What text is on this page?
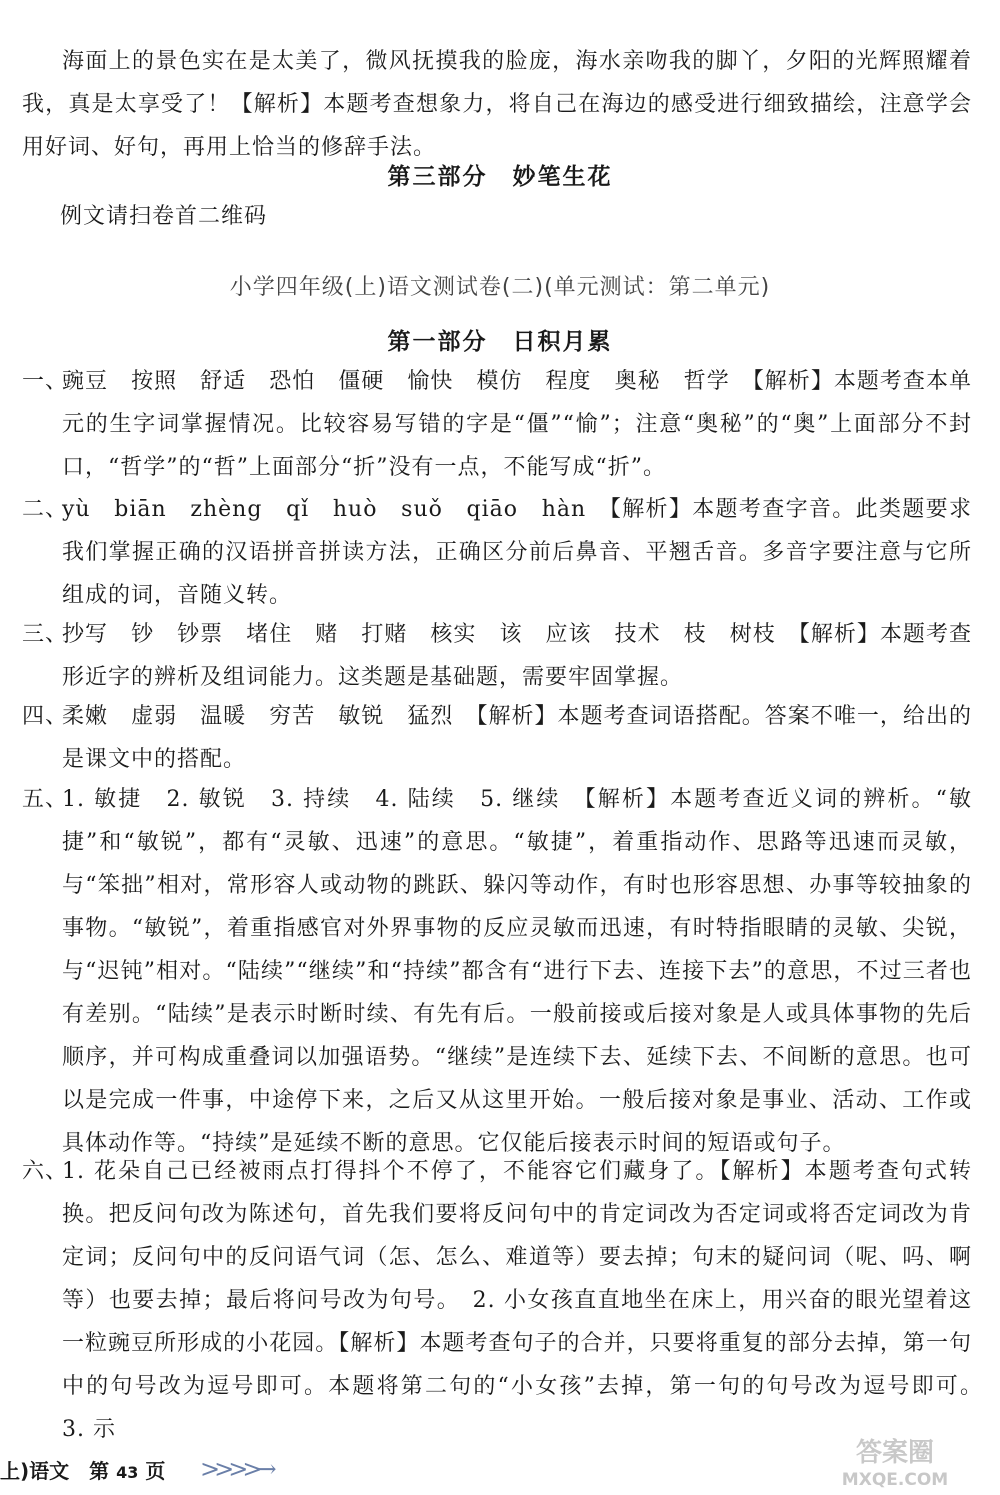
海面上的景色实在是太美了，微风抚摸我的脸庞，海水亲吻我的脚丫，夕阳的光辉照耀着我，真是太享受了！【解析】本题考查想象力，将自己在海边的感受进行细致描绘，注意学会用好词、好句，再用上恰当的修辞手法。

第三部分　妙笔生花

例文请扫卷首二维码

小学四年级(上)语文测试卷(二)(单元测试：第二单元)
第一部分　日积月累
一、

豌豆　按照　舒适　恐怕　僵硬　愉快　模仿　程度　奥秘　哲学　【解析】本题考查本单元的生字词掌握情况。比较容易写错的字是“僵”“愉”；注意“奥秘”的“奥”上面部分不封口，“哲学”的“哲”上面部分“折”没有一点，不能写成“折”。

二、

yù　biān　zhèng　qǐ　huò　suǒ　qiāo　hàn　【解析】本题考查字音。此类题要求我们掌握正确的汉语拼音拼读方法，正确区分前后鼻音、平翘舌音。多音字要注意与它所组成的词，音随义转。

三、

抄写　钞　钞票　堵住　赌　打赌　核实　该　应该　技术　枝　树枝　【解析】本题考查形近字的辨析及组词能力。这类题是基础题，需要牢固掌握。

四、

柔嫩　虚弱　温暖　穷苦　敏锐　猛烈　【解析】本题考查词语搭配。答案不唯一，给出的是课文中的搭配。

五、

1. 敏捷　2. 敏锐　3. 持续　4. 陆续　5. 继续　【解析】本题考查近义词的辨析。“敏捷”和“敏锐”，都有“灵敏、迅速”的意思。“敏捷”，着重指动作、思路等迅速而灵敏，与“笨拙”相对，常形容人或动物的跳跃、躲闪等动作，有时也形容思想、办事等较抽象的事物。“敏锐”，着重指感官对外界事物的反应灵敏而迅速，有时特指眼睛的灵敏、尖锐，与“迟钝”相对。“陆续”“继续”和“持续”都含有“进行下去、连接下去”的意思，不过三者也有差别。“陆续”是表示时断时续、有先有后。一般前接或后接对象是人或具体事物的先后顺序，并可构成重叠词以加强语势。“继续”是连续下去、延续下去、不间断的意思。也可以是完成一件事，中途停下来，之后又从这里开始。一般后接对象是事业、活动、工作或具体动作等。“持续”是延续不断的意思。它仅能后接表示时间的短语或句子。

六、

1. 花朵自己已经被雨点打得抖个不停了，不能容它们藏身了。【解析】本题考查句式转换。把反问句改为陈述句，首先我们要将反问句中的肯定词改为否定词或将否定词改为肯定词；反问句中的反问语气词（怎、怎么、难道等）要去掉；句末的疑问词（呢、吗、啊等）也要去掉；最后将问号改为句号。　2. 小女孩直直地坐在床上，用兴奋的眼光望着这一粒豌豆所形成的小花园。【解析】本题考查句子的合并，只要将重复的部分去掉，第一句中的句号改为逗号即可。本题将第二句的“小女孩”去掉，第一句的句号改为逗号即可。　3. 示

上)语文　第 43 页 >>>>→
答案圈
MXQE.COM
